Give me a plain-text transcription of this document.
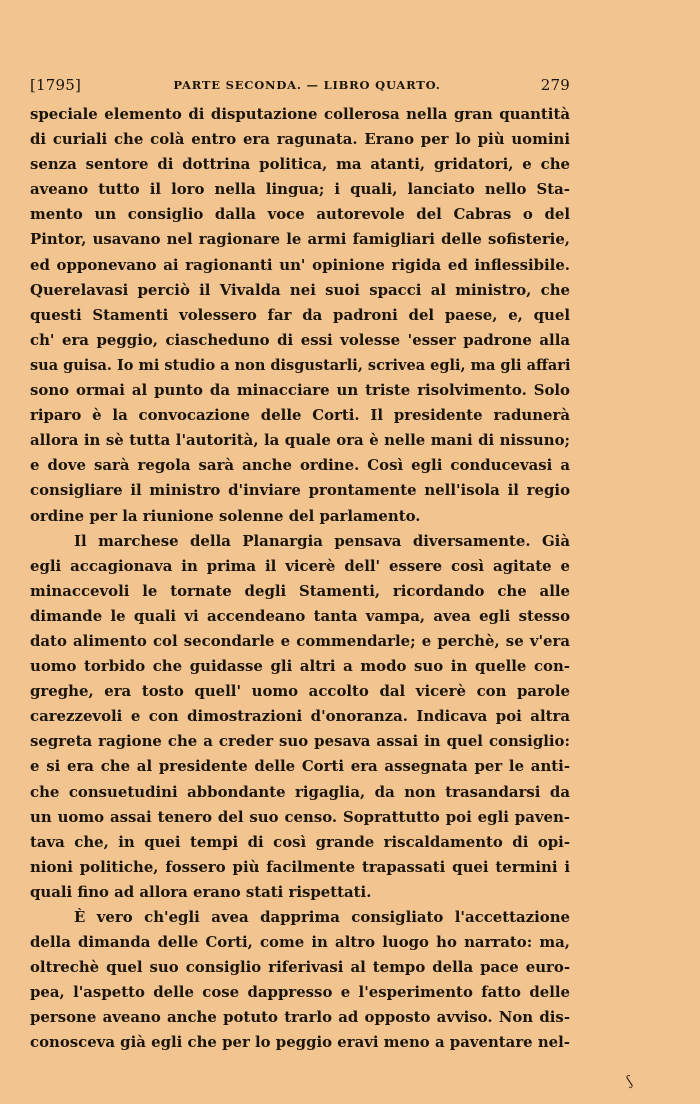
[1795]	PARTE SECONDA. — LIBRO QUARTO.	279
speciale elemento di disputazione collerosa nella gran quantità
di curiali che colà entro era ragunata. Erano per lo più uomini
senza sentore di dottrina politica, ma atanti, gridatori, e che
aveano tutto il loro nella lingua; i quali, lanciato nello Sta-
mento un consiglio dalla voce autorevole del Cabras o del
Pintor, usavano nel ragionare le armi famigliari delle sofisterie,
ed opponevano ai ragionanti un' opinione rigida ed inflessibile.
Querelavasi perciò il Vivalda nei suoi spacci al ministro, che
questi Stamenti volessero far da padroni del paese, e, quel
ch' era peggio, ciascheduno di essi volesse 'esser padrone alla
sua guisa. Io mi studio a non disgustarli, scrivea egli, ma gli affari
sono ormai al punto da minacciare un triste risolvimento. Solo
riparo è la convocazione delle Corti. Il presidente radunerà
allora in sè tutta l'autorità, la quale ora è nelle mani di nissuno;
e dove sarà regola sarà anche ordine. Così egli conducevasi a
consigliare il ministro d'inviare prontamente nell'isola il regio
ordine per la riunione solenne del parlamento.
Il marchese della Planargia pensava diversamente. Già
egli accagionava in prima il vicerè dell' essere così agitate e
minaccevoli le tornate degli Stamenti, ricordando che alle
dimande le quali vi accendeano tanta vampa, avea egli stesso
dato alimento col secondarle e commendarle; e perchè, se v'era
uomo torbido che guidasse gli altri a modo suo in quelle con-
greghe, era tosto quell' uomo accolto dal vicerè con parole
carezzevoli e con dimostrazioni d'onoranza. Indicava poi altra
segreta ragione che a creder suo pesava assai in quel consiglio:
e si era che al presidente delle Corti era assegnata per le anti-
che consuetudini abbondante rigaglia, da non trasandarsi da
un uomo assai tenero del suo censo. Soprattutto poi egli paven-
tava che, in quei tempi di così grande riscaldamento di opi-
nioni politiche, fossero più facilmente trapassati quei termini i
quali fino ad allora erano stati rispettati.
È vero ch'egli avea dapprima consigliato l'accettazione
della dimanda delle Corti, come in altro luogo ho narrato: ma,
oltrechè quel suo consiglio riferivasi al tempo della pace euro-
pea, l'aspetto delle cose dappresso e l'esperimento fatto delle
persone aveano anche potuto trarlo ad opposto avviso. Non dis-
conosceva già egli che per lo peggio eravi meno a paventare nel-
ʃ
